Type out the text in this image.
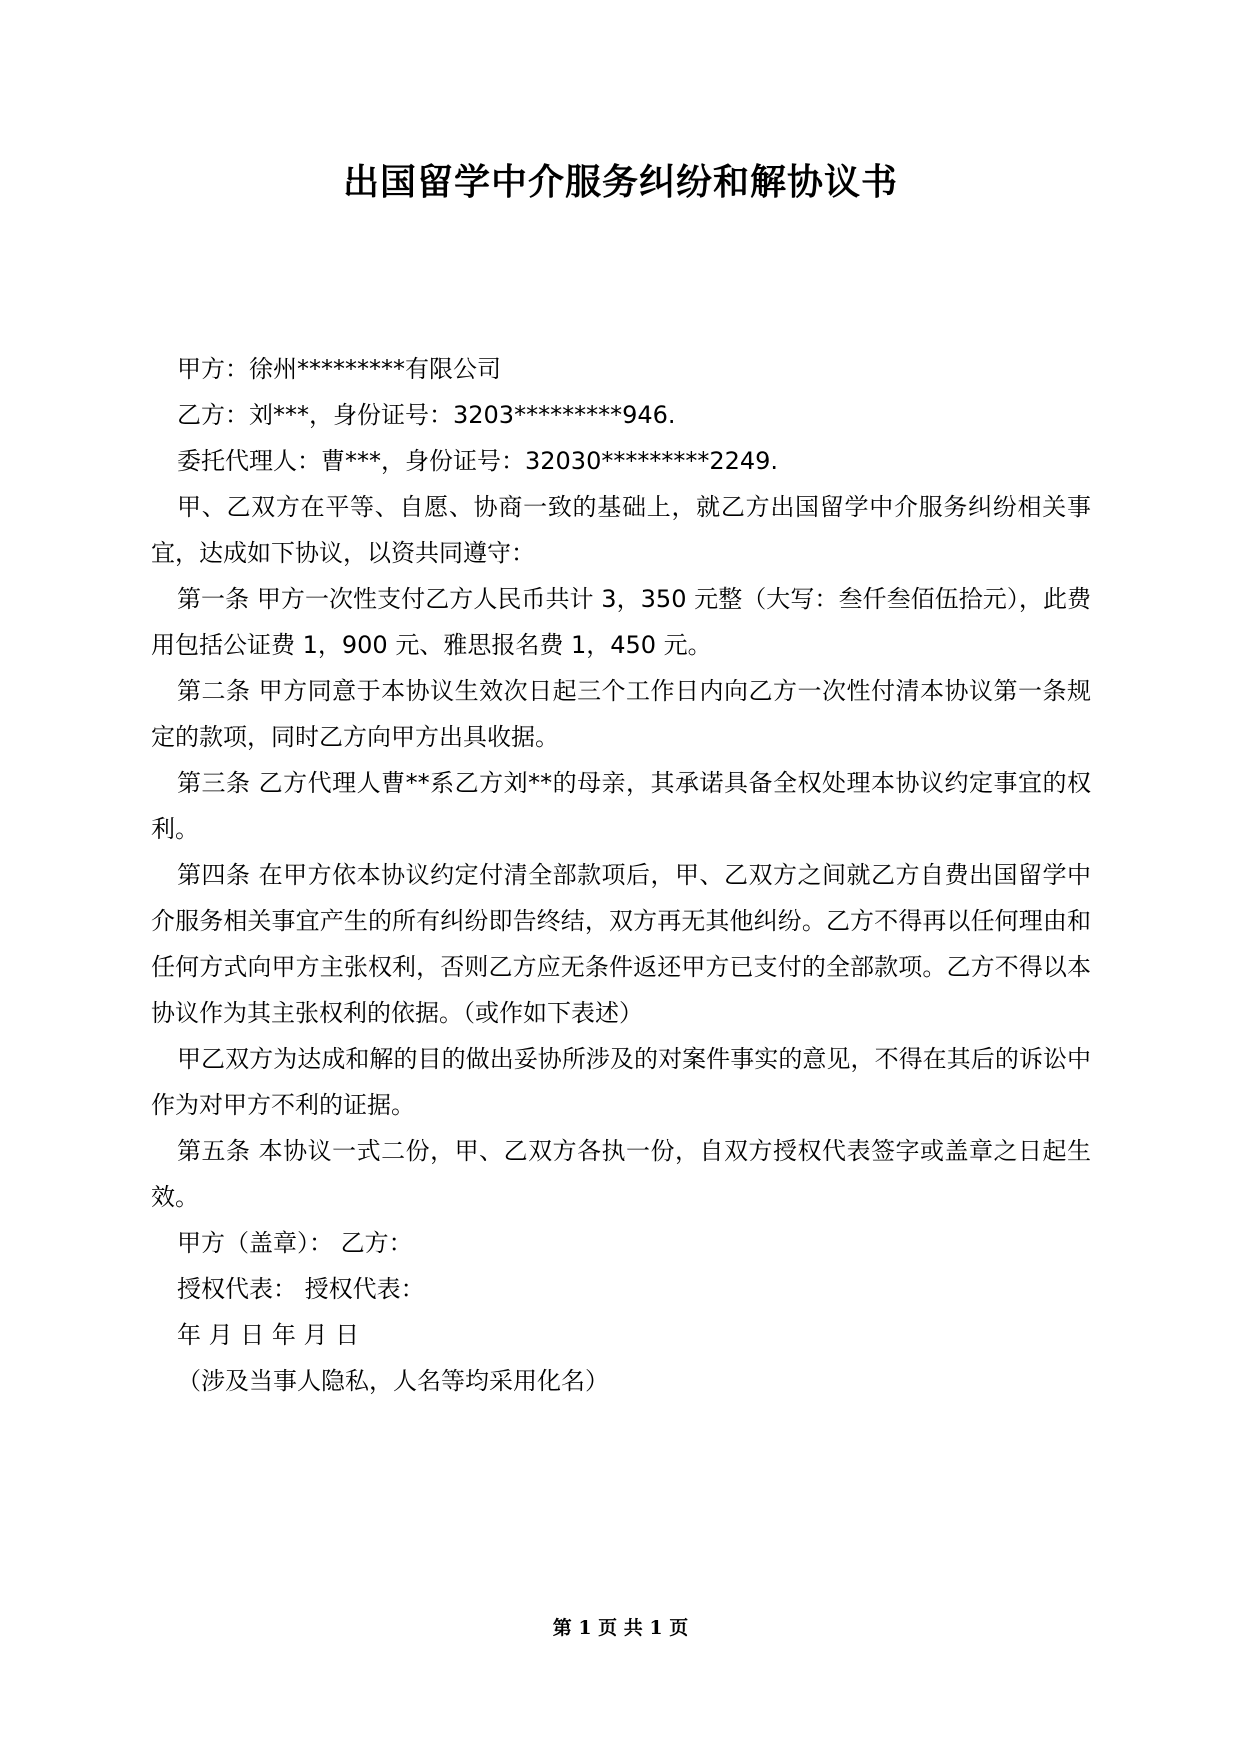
出国留学中介服务纠纷和解协议书

甲方：徐州*********有限公司

乙方：刘***，身份证号：3203*********946.

委托代理人：曹***，身份证号：32030*********2249.

甲、乙双方在平等、自愿、协商一致的基础上，就乙方出国留学中介服务纠纷相关事宜，达成如下协议，以资共同遵守：

第一条 甲方一次性支付乙方人民币共计 3，350 元整（大写：叁仟叁佰伍拾元），此费用包括公证费 1，900 元、雅思报名费 1，450 元。

第二条 甲方同意于本协议生效次日起三个工作日内向乙方一次性付清本协议第一条规定的款项，同时乙方向甲方出具收据。

第三条 乙方代理人曹**系乙方刘**的母亲，其承诺具备全权处理本协议约定事宜的权利。

第四条 在甲方依本协议约定付清全部款项后，甲、乙双方之间就乙方自费出国留学中介服务相关事宜产生的所有纠纷即告终结，双方再无其他纠纷。乙方不得再以任何理由和任何方式向甲方主张权利，否则乙方应无条件返还甲方已支付的全部款项。乙方不得以本协议作为其主张权利的依据。（或作如下表述）

甲乙双方为达成和解的目的做出妥协所涉及的对案件事实的意见，不得在其后的诉讼中作为对甲方不利的证据。

第五条 本协议一式二份，甲、乙双方各执一份，自双方授权代表签字或盖章之日起生效。

甲方（盖章）： 乙方：

授权代表： 授权代表：

年 月 日 年 月 日

（涉及当事人隐私，人名等均采用化名）

第 1 页 共 1 页
